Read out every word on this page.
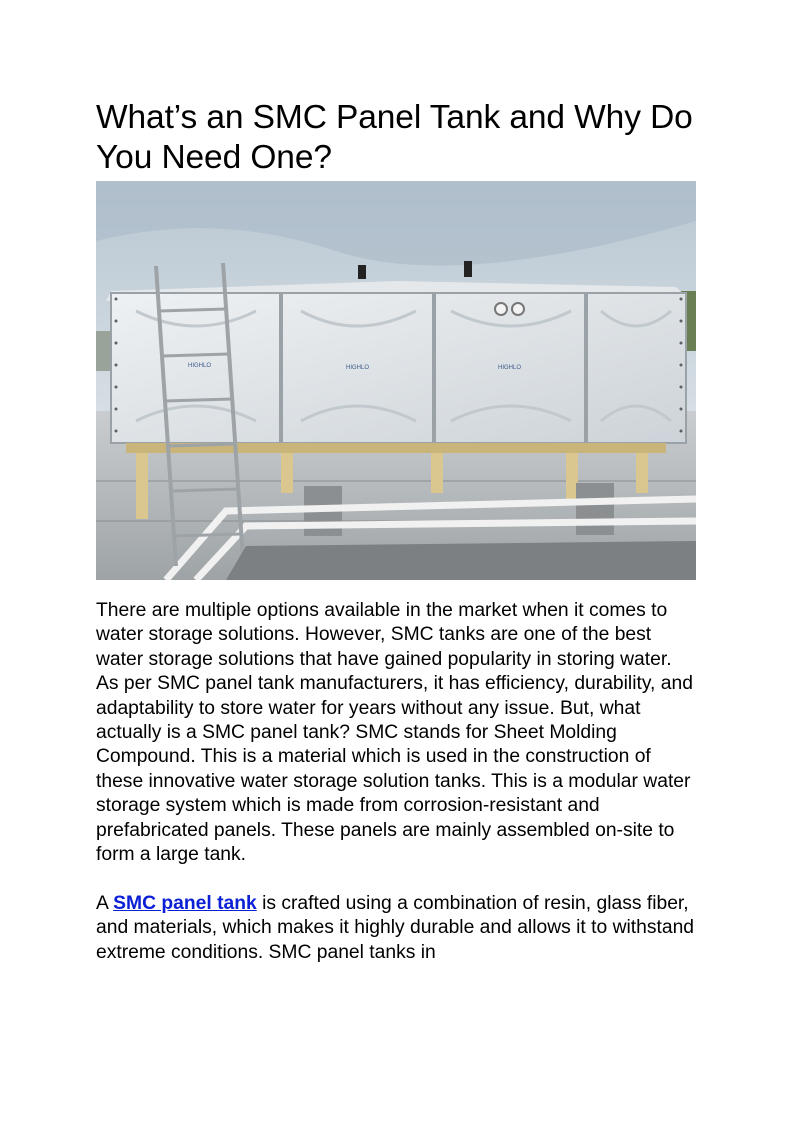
What’s an SMC Panel Tank and Why Do You Need One?
HIGHLO	HIGHLO	HIGHLO

There are multiple options available in the market when it comes to water storage solutions. However, SMC tanks are one of the best water storage solutions that have gained popularity in storing water. As per SMC panel tank manufacturers, it has efficiency, durability, and adaptability to store water for years without any issue. But, what actually is a SMC panel tank? SMC stands for Sheet Molding Compound. This is a material which is used in the construction of these innovative water storage solution tanks. This is a modular water storage system which is made from corrosion-resistant and prefabricated panels. These panels are mainly assembled on-site to form a large tank.

A SMC panel tank is crafted using a combination of resin, glass fiber, and materials, which makes it highly durable and allows it to withstand extreme conditions. SMC panel tanks in
